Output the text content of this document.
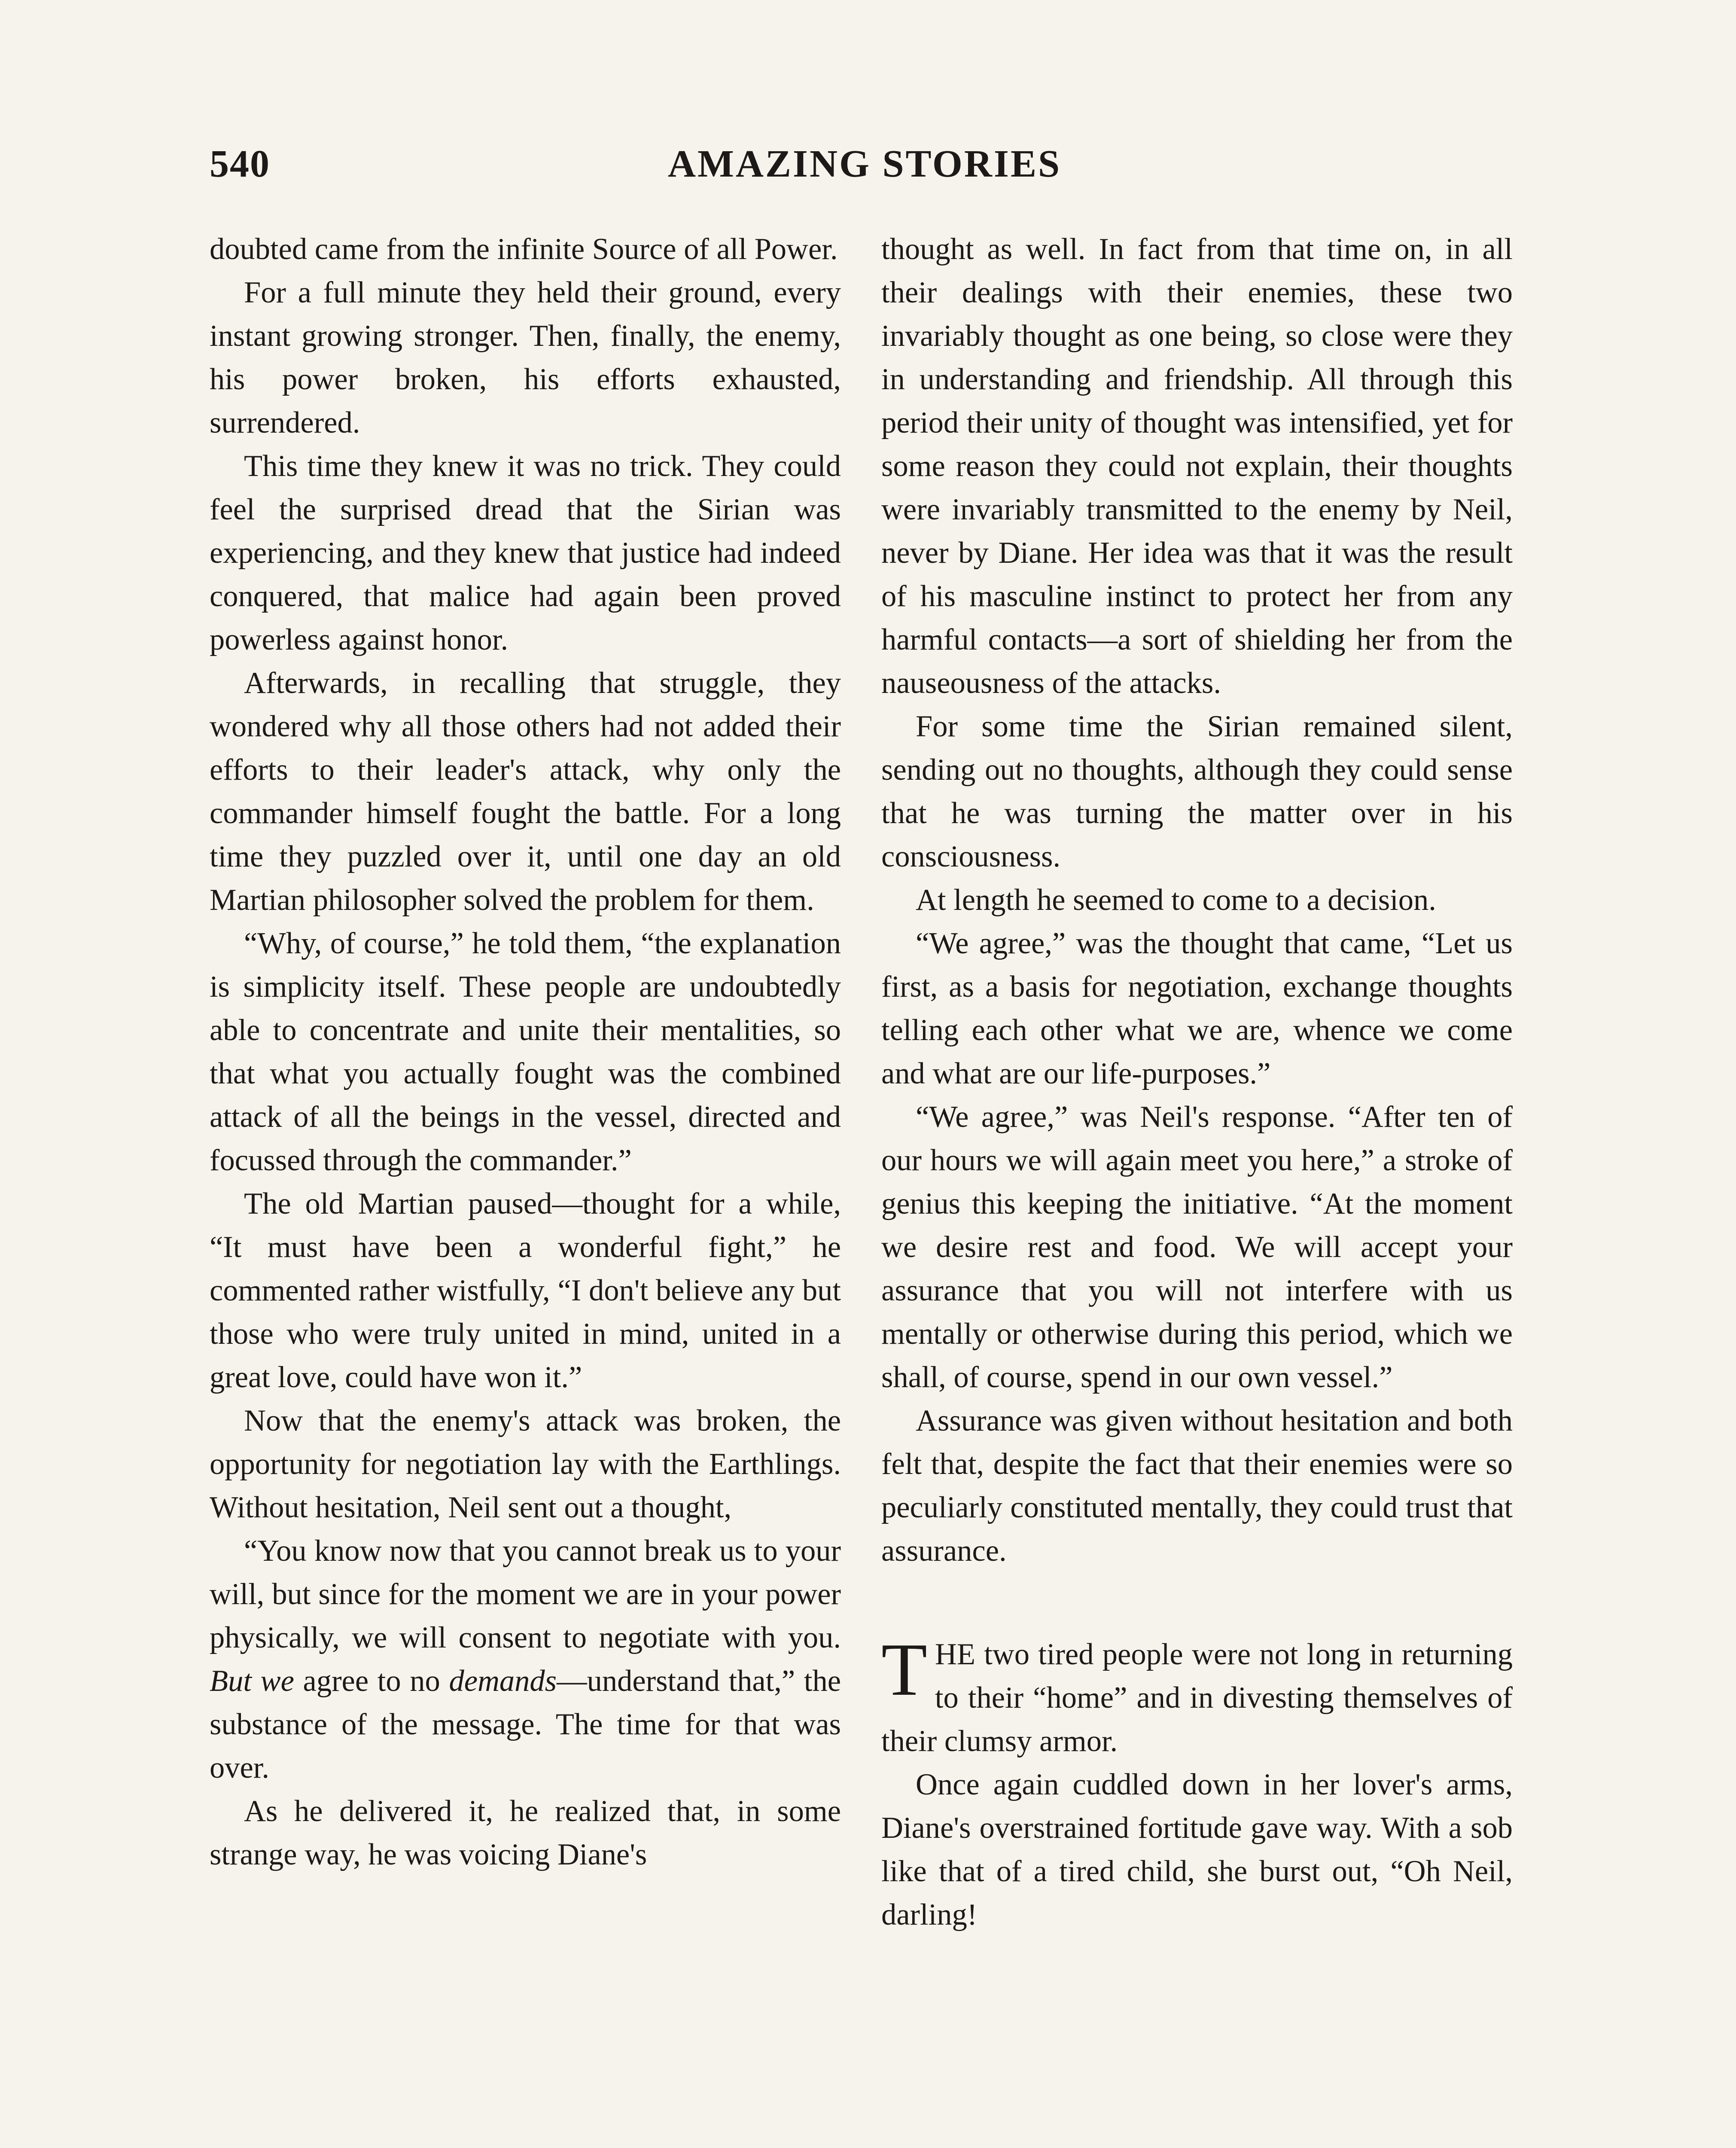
540	AMAZING STORIES

doubted came from the infinite Source of all Power.

For a full minute they held their ground, every instant growing stronger. Then, finally, the enemy, his power broken, his efforts exhausted, surrendered.

This time they knew it was no trick. They could feel the surprised dread that the Sirian was experiencing, and they knew that justice had indeed conquered, that malice had again been proved powerless against honor.

Afterwards, in recalling that struggle, they wondered why all those others had not added their efforts to their leader's attack, why only the commander himself fought the battle. For a long time they puzzled over it, until one day an old Martian philosopher solved the problem for them.

“Why, of course,” he told them, “the explanation is simplicity itself. These people are undoubtedly able to concentrate and unite their mentalities, so that what you actually fought was the combined attack of all the beings in the vessel, directed and focussed through the commander.”

The old Martian paused—thought for a while, “It must have been a wonderful fight,” he commented rather wistfully, “I don't believe any but those who were truly united in mind, united in a great love, could have won it.”

Now that the enemy's attack was broken, the opportunity for negotiation lay with the Earthlings. Without hesitation, Neil sent out a thought,

“You know now that you cannot break us to your will, but since for the moment we are in your power physically, we will consent to negotiate with you. But we agree to no demands—understand that,” the substance of the message. The time for that was over.

As he delivered it, he realized that, in some strange way, he was voicing Diane's

thought as well. In fact from that time on, in all their dealings with their enemies, these two invariably thought as one being, so close were they in understanding and friendship. All through this period their unity of thought was intensified, yet for some reason they could not explain, their thoughts were invariably transmitted to the enemy by Neil, never by Diane. Her idea was that it was the result of his masculine instinct to protect her from any harmful contacts—a sort of shielding her from the nauseousness of the attacks.

For some time the Sirian remained silent, sending out no thoughts, although they could sense that he was turning the matter over in his consciousness.

At length he seemed to come to a decision.

“We agree,” was the thought that came, “Let us first, as a basis for negotiation, exchange thoughts telling each other what we are, whence we come and what are our life-purposes.”

“We agree,” was Neil's response. “After ten of our hours we will again meet you here,” a stroke of genius this keeping the initiative. “At the moment we desire rest and food. We will accept your assurance that you will not interfere with us mentally or otherwise during this period, which we shall, of course, spend in our own vessel.”

Assurance was given without hesitation and both felt that, despite the fact that their enemies were so peculiarly constituted mentally, they could trust that assurance.

THE two tired people were not long in returning to their “home” and in divesting themselves of their clumsy armor.

Once again cuddled down in her lover's arms, Diane's overstrained fortitude gave way. With a sob like that of a tired child, she burst out, “Oh Neil, darling!
